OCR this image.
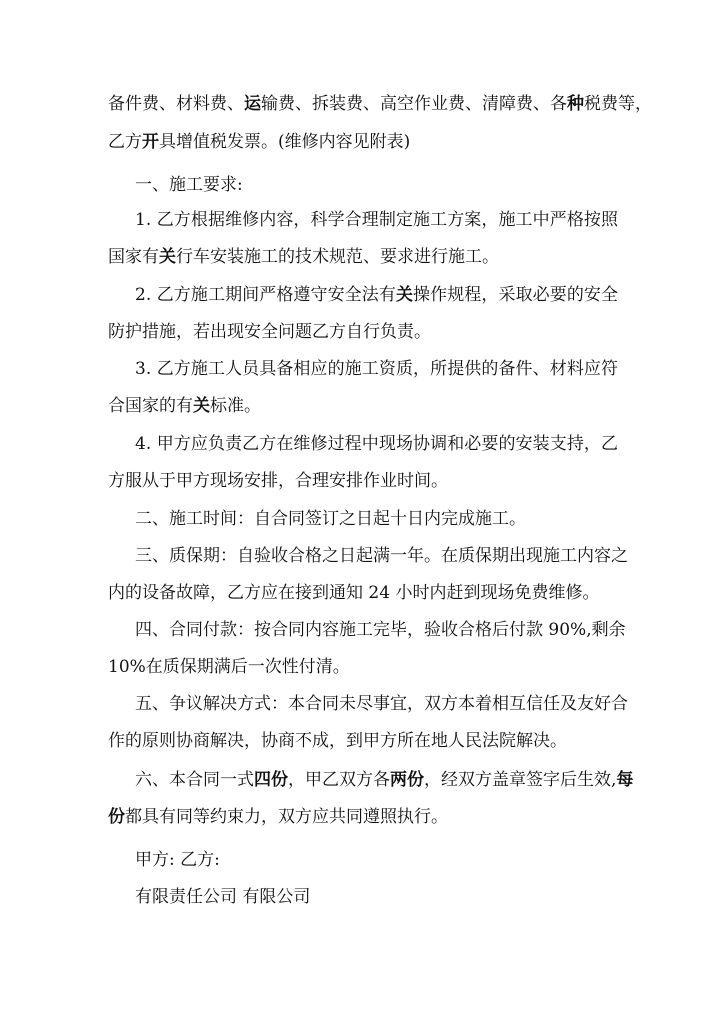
备件费、材料费、运输费、拆装费、高空作业费、清障费、各种税费等，
乙方开具增值税发票。(维修内容见附表)
一、施工要求:
1. 乙方根据维修内容，科学合理制定施工方案，施工中严格按照
国家有关行车安装施工的技术规范、要求进行施工。
2. 乙方施工期间严格遵守安全法有关操作规程，采取必要的安全
防护措施，若出现安全问题乙方自行负责。
3. 乙方施工人员具备相应的施工资质，所提供的备件、材料应符
合国家的有关标准。
4. 甲方应负责乙方在维修过程中现场协调和必要的安装支持，乙
方服从于甲方现场安排，合理安排作业时间。
二、施工时间：自合同签订之日起十日内完成施工。
三、质保期：自验收合格之日起满一年。在质保期出现施工内容之
内的设备故障，乙方应在接到通知 24 小时内赶到现场免费维修。
四、合同付款：按合同内容施工完毕，验收合格后付款 90%,剩余
10%在质保期满后一次性付清。
五、争议解决方式：本合同未尽事宜，双方本着相互信任及友好合
作的原则协商解决，协商不成，到甲方所在地人民法院解决。
六、本合同一式四份，甲乙双方各两份，经双方盖章签字后生效,每
份都具有同等约束力，双方应共同遵照执行。
甲方: 乙方:
有限责任公司 有限公司
